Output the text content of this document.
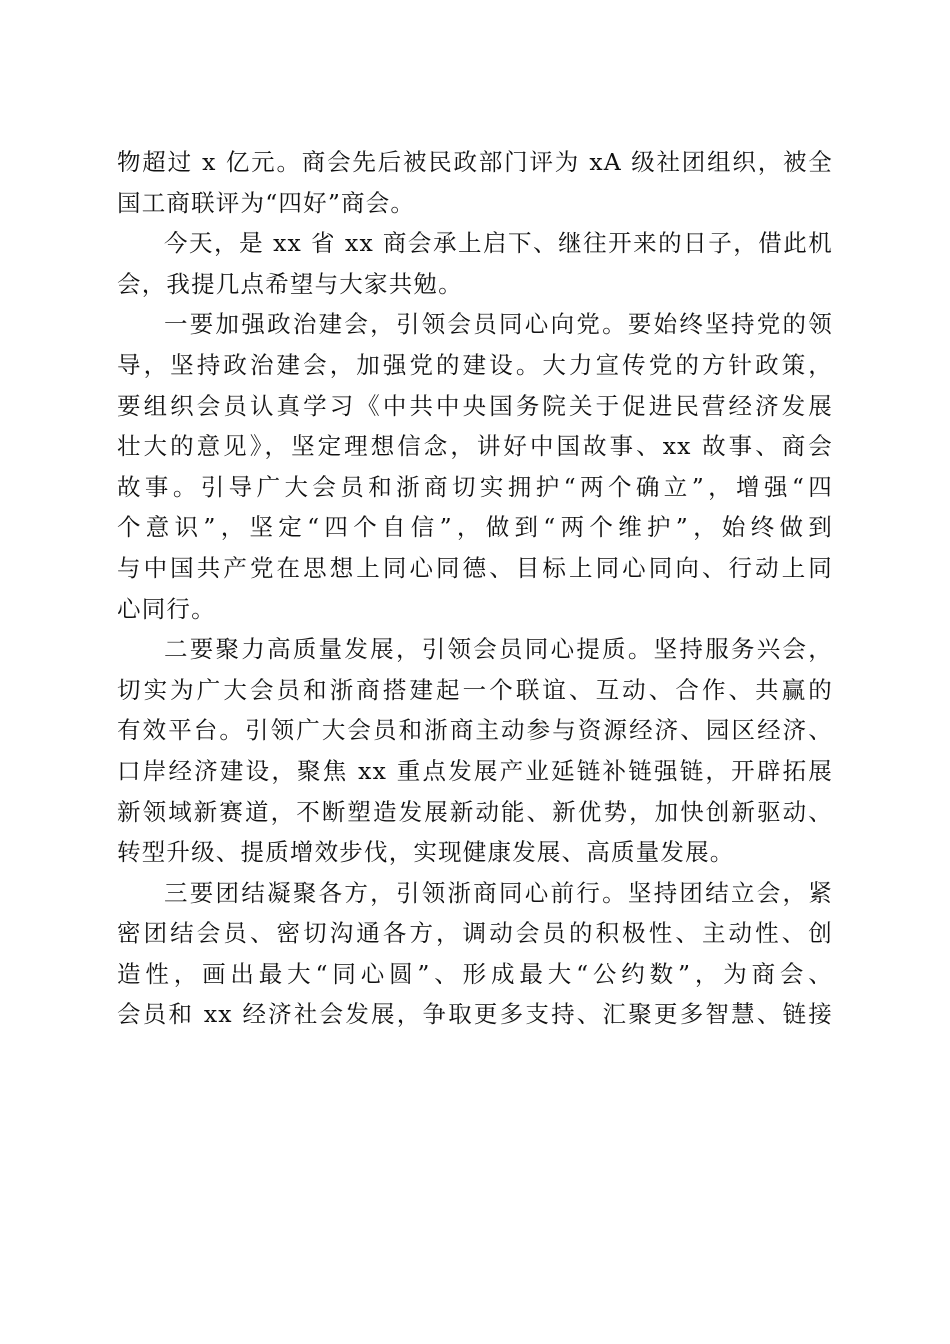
物超过 x 亿元。商会先后被民政部门评为 xA 级社团组织，被全
国工商联评为“四好”商会。

今天，是 xx 省 xx 商会承上启下、继往开来的日子，借此机
会，我提几点希望与大家共勉。

一要加强政治建会，引领会员同心向党。要始终坚持党的领
导，坚持政治建会，加强党的建设。大力宣传党的方针政策，
要组织会员认真学习《中共中央国务院关于促进民营经济发展
壮大的意见》，坚定理想信念，讲好中国故事、xx 故事、商会
故事。引导广大会员和浙商切实拥护“两个确立”，增强“四
个意识”，坚定“四个自信”，做到“两个维护”，始终做到
与中国共产党在思想上同心同德、目标上同心同向、行动上同
心同行。

二要聚力高质量发展，引领会员同心提质。坚持服务兴会，
切实为广大会员和浙商搭建起一个联谊、互动、合作、共赢的
有效平台。引领广大会员和浙商主动参与资源经济、园区经济、
口岸经济建设，聚焦 xx 重点发展产业延链补链强链，开辟拓展
新领域新赛道，不断塑造发展新动能、新优势，加快创新驱动、
转型升级、提质增效步伐，实现健康发展、高质量发展。

三要团结凝聚各方，引领浙商同心前行。坚持团结立会，紧
密团结会员、密切沟通各方，调动会员的积极性、主动性、创
造性，画出最大“同心圆”、形成最大“公约数”，为商会、
会员和 xx 经济社会发展，争取更多支持、汇聚更多智慧、链接
